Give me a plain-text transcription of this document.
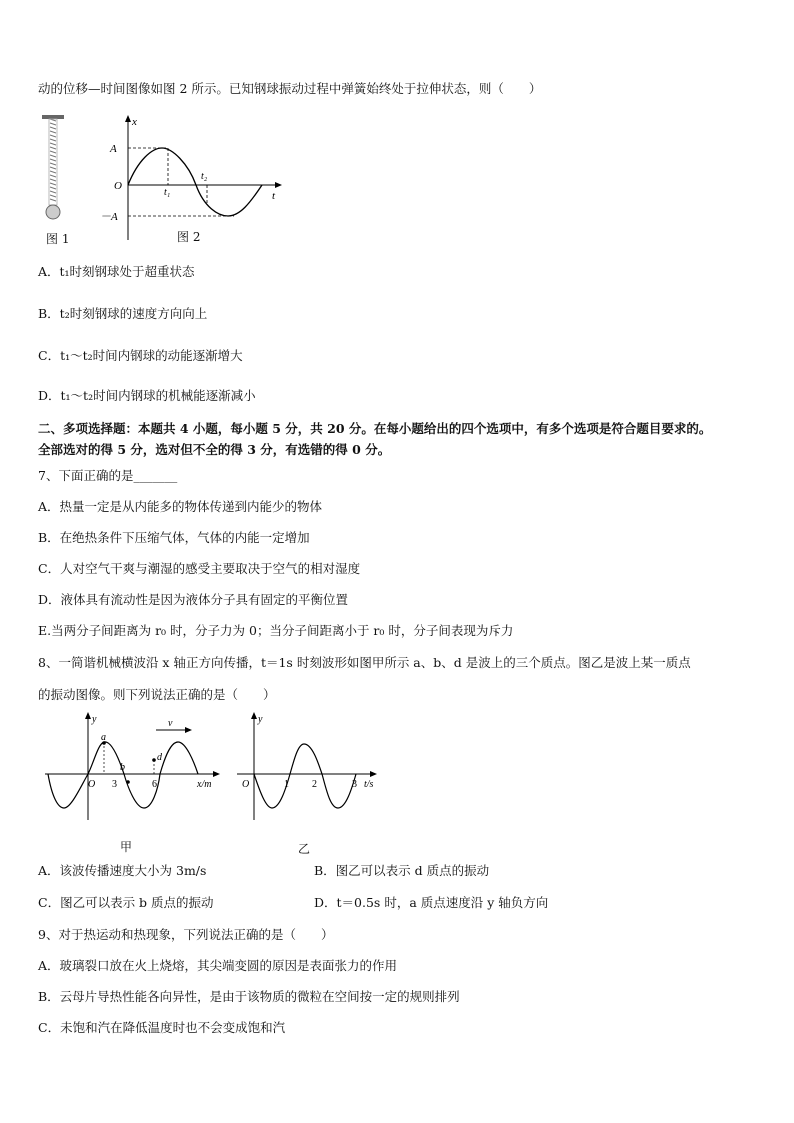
动的位移—时间图像如图 2 所示。已知钢球振动过程中弹簧始终处于拉伸状态，则（　　）
图 1
x
t
A
－A
O
t₁
t₂
图 2
A．t₁时刻钢球处于超重状态
B．t₂时刻钢球的速度方向向上
C．t₁～t₂时间内钢球的动能逐渐增大
D．t₁～t₂时间内钢球的机械能逐渐减小
二、多项选择题：本题共 4 小题，每小题 5 分，共 20 分。在每小题给出的四个选项中，有多个选项是符合题目要求的。
全部选对的得 5 分，选对但不全的得 3 分，有选错的得 0 分。
7、下面正确的是_______
A．热量一定是从内能多的物体传递到内能少的物体
B．在绝热条件下压缩气体，气体的内能一定增加
C．人对空气干爽与潮湿的感受主要取决于空气的相对湿度
D．液体具有流动性是因为液体分子具有固定的平衡位置
E.当两分子间距离为 r₀ 时，分子力为 0；当分子间距离小于 r₀ 时，分子间表现为斥力
8、一简谐机械横波沿 x 轴正方向传播，t＝1s 时刻波形如图甲所示 a、b、d 是波上的三个质点。图乙是波上某一质点
的振动图像。则下列说法正确的是（　　）
y	v
a
b
d
O 3	6	x/m
y
O	1 2	3 t/s
甲	乙
A．该波传播速度大小为 3m/s	B．图乙可以表示 d 质点的振动
C．图乙可以表示 b 质点的振动	D．t＝0.5s 时，a 质点速度沿 y 轴负方向
9、对于热运动和热现象，下列说法正确的是（　　）
A．玻璃裂口放在火上烧熔，其尖端变圆的原因是表面张力的作用
B．云母片导热性能各向异性，是由于该物质的微粒在空间按一定的规则排列
C．未饱和汽在降低温度时也不会变成饱和汽
